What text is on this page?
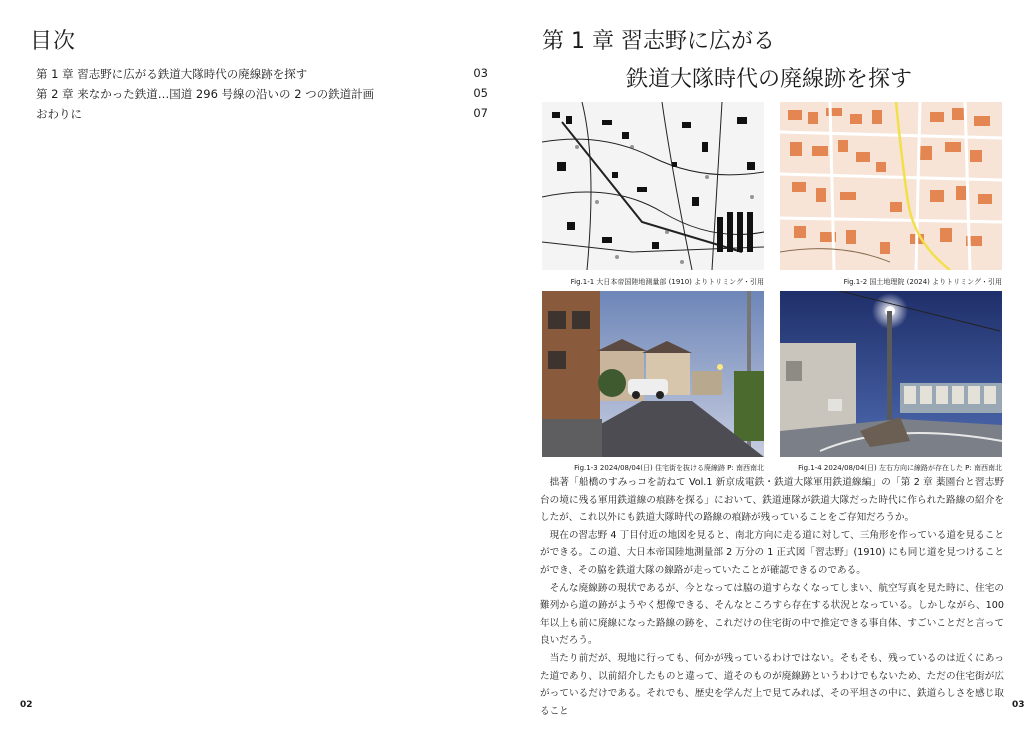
目次
第 1 章 習志野に広がる鉄道大隊時代の廃線跡を探す	03
第 2 章 来なかった鉄道…国道 296 号線の沿いの 2 つの鉄道計画	05
おわりに	07
02
第 1 章 習志野に広がる
鉄道大隊時代の廃線跡を探す
Fig.1-1 大日本帝国陸地測量部 (1910) よりトリミング・引用	Fig.1-2 国土地理院 (2024) よりトリミング・引用
Fig.1-3 2024/08/04(日) 住宅街を抜ける廃線跡 P: 南西南北	Fig.1-4 2024/08/04(日) 左右方向に線路が存在した P: 南西南北

拙著「船橋のすみっコを訪ねて Vol.1 新京成電鉄・鉄道大隊軍用鉄道線編」の「第 2 章 薬園台と習志野台の境に残る軍用鉄道線の痕跡を探る」において、鉄道連隊が鉄道大隊だった時代に作られた路線の紹介をしたが、これ以外にも鉄道大隊時代の路線の痕跡が残っていることをご存知だろうか。

現在の習志野 4 丁目付近の地図を見ると、南北方向に走る道に対して、三角形を作っている道を見ることができる。この道、大日本帝国陸地測量部 2 万分の 1 正式図「習志野」(1910) にも同じ道を見つけることができ、その脇を鉄道大隊の線路が走っていたことが確認できるのである。

そんな廃線跡の現状であるが、今となっては脇の道すらなくなってしまい、航空写真を見た時に、住宅の難列から道の跡がようやく想像できる、そんなところすら存在する状況となっている。しかしながら、100 年以上も前に廃線になった路線の跡を、これだけの住宅街の中で推定できる事自体、すごいことだと言って良いだろう。

当たり前だが、現地に行っても、何かが残っているわけではない。そもそも、残っているのは近くにあった道であり、以前紹介したものと違って、道そのものが廃線跡というわけでもないため、ただの住宅街が広がっているだけである。それでも、歴史を学んだ上で見てみれば、その平坦さの中に、鉄道らしさを感じ取ること

03
